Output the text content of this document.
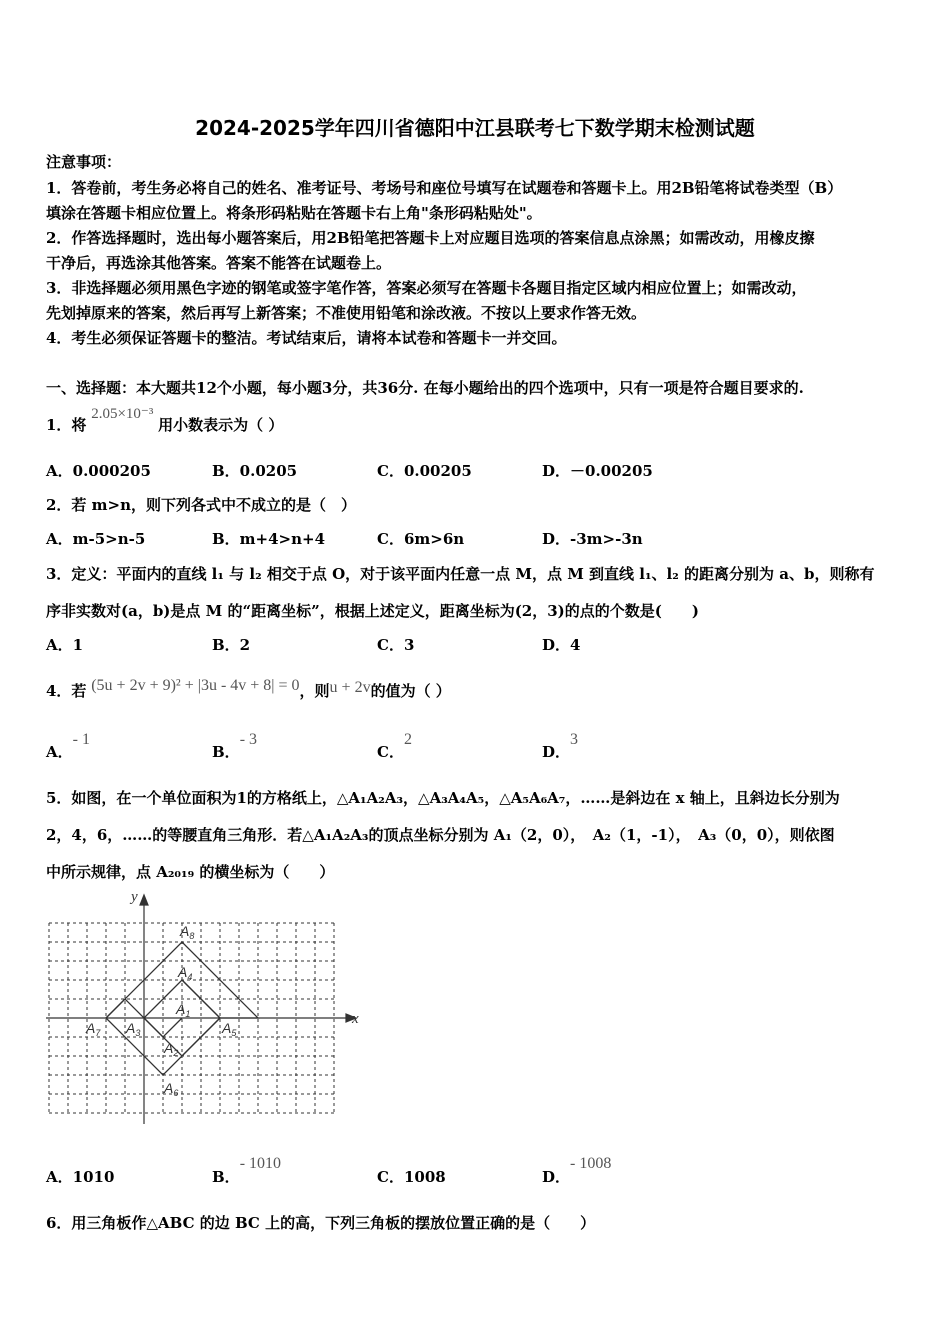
2024-2025学年四川省德阳中江县联考七下数学期末检测试题
注意事项：
1．答卷前，考生务必将自己的姓名、准考证号、考场号和座位号填写在试题卷和答题卡上。用2B铅笔将试卷类型（B）
填涂在答题卡相应位置上。将条形码粘贴在答题卡右上角"条形码粘贴处"。
2．作答选择题时，选出每小题答案后，用2B铅笔把答题卡上对应题目选项的答案信息点涂黑；如需改动，用橡皮擦
干净后，再选涂其他答案。答案不能答在试题卷上。
3．非选择题必须用黑色字迹的钢笔或签字笔作答，答案必须写在答题卡各题目指定区域内相应位置上；如需改动，
先划掉原来的答案，然后再写上新答案；不准使用铅笔和涂改液。不按以上要求作答无效。
4．考生必须保证答题卡的整洁。考试结束后，请将本试卷和答题卡一并交回。
一、选择题：本大题共12个小题，每小题3分，共36分. 在每小题给出的四个选项中，只有一项是符合题目要求的.
1．将 2.05×10⁻³ 用小数表示为（ ）
A．0.000205	B．0.0205	C．0.00205	D．－0.00205
2．若 m>n，则下列各式中不成立的是（　）
A．m-5>n-5	B．m+4>n+4	C．6m>6n	D．-3m>-3n
3．定义：平面内的直线 l₁ 与 l₂ 相交于点 O，对于该平面内任意一点 M，点 M 到直线 l₁、l₂ 的距离分别为 a、b，则称有
序非实数对(a，b)是点 M 的“距离坐标”，根据上述定义，距离坐标为(2，3)的点的个数是(　　)
A．1	B．2	C．3	D．4
4．若 (5u + 2v + 9)² + |3u - 4v + 8| = 0，则u + 2v的值为（ ）
A．- 1
B．- 3
C．2
D．3
5．如图，在一个单位面积为1的方格纸上，△A₁A₂A₃，△A₃A₄A₅，△A₅A₆A₇，……是斜边在 x 轴上，且斜边长分别为
2，4，6，……的等腰直角三角形．若△A₁A₂A₃的顶点坐标分别为 A₁（2，0），　A₂（1，-1），　A₃（0，0），则依图
中所示规律，点 A₂₀₁₉ 的横坐标为（　　）
x
y
$A_8$
$A_4$
$A_1$
$A_7$ $A_3$	$A_5$
$A_2$
$A_6$
A．1010	B．- 1010
C．1008	D．- 1008
6．用三角板作△ABC 的边 BC 上的高，下列三角板的摆放位置正确的是（　　）
